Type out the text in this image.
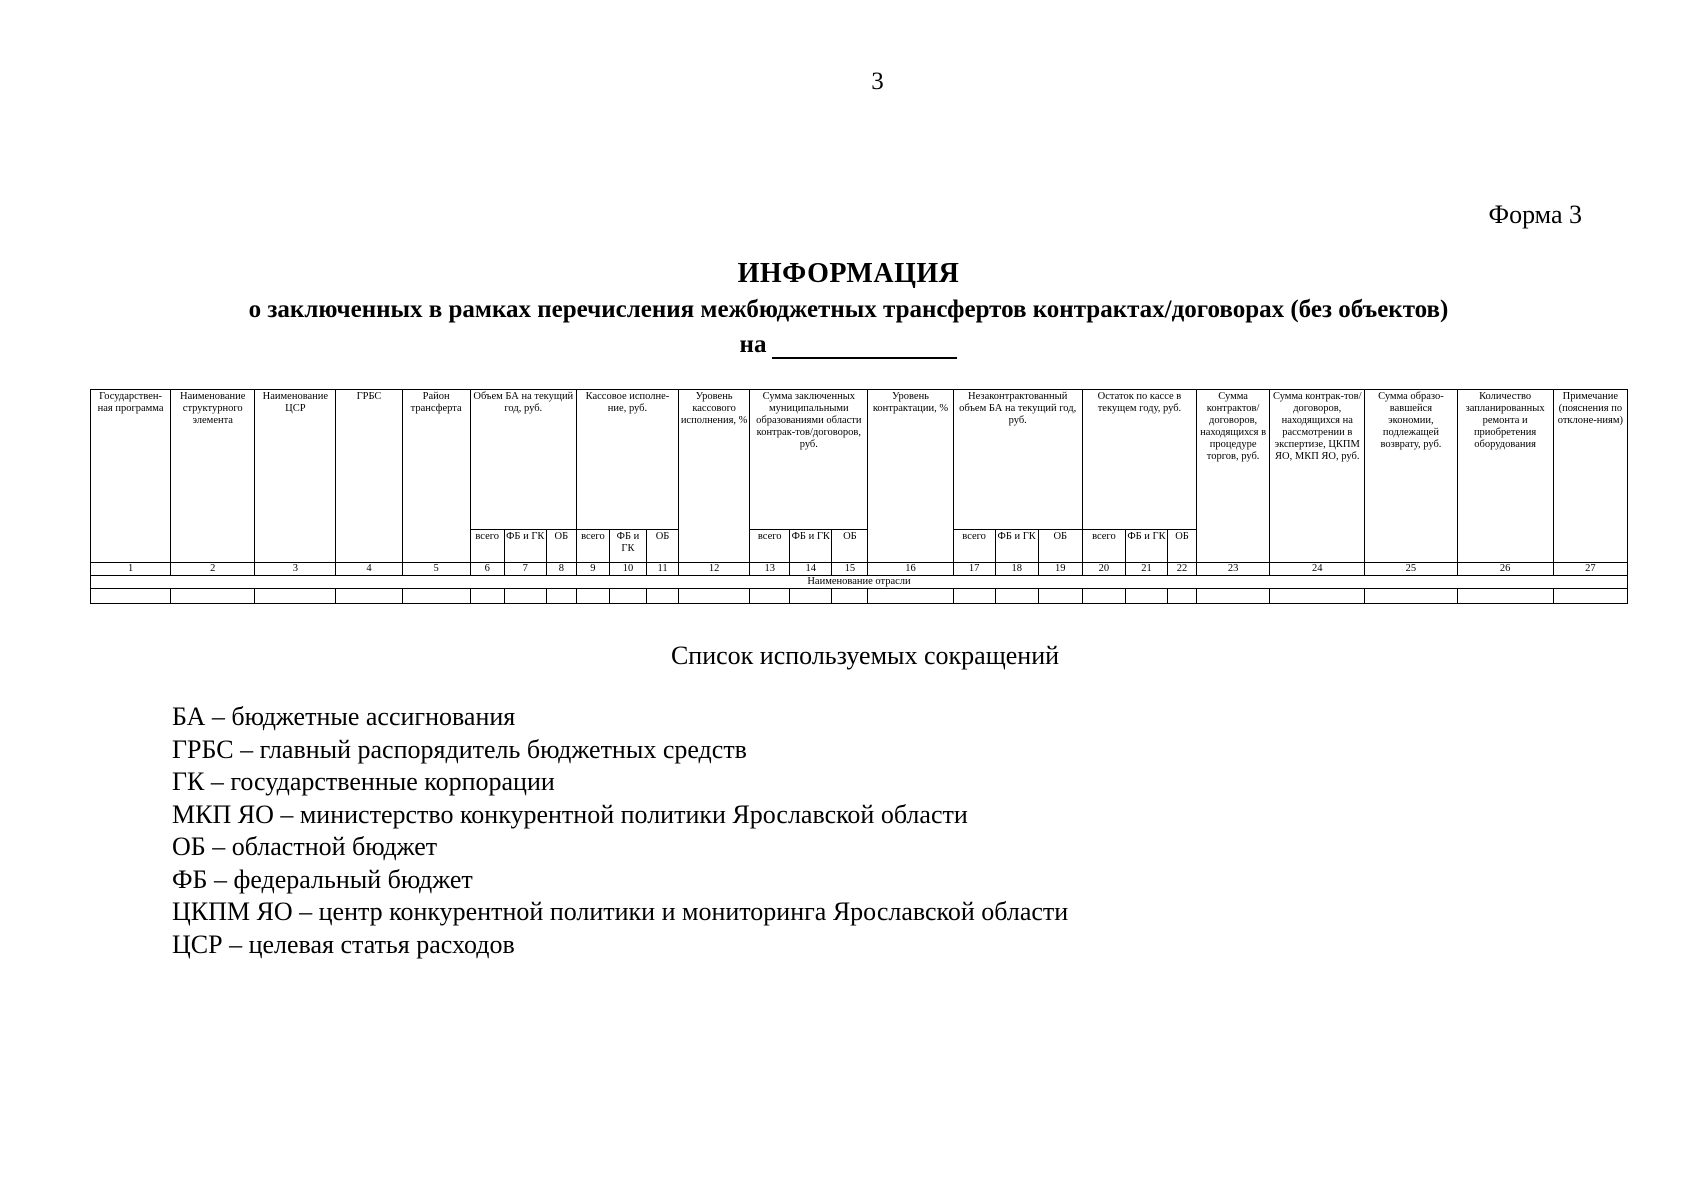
3
Форма 3
ИНФОРМАЦИЯ
о заключенных в рамках перечисления межбюджетных трансфертов контрактах/договорах (без объектов)
на
Государствен-ная программа	Наименование структурного элемента	Наименование ЦСР	ГРБС	Район трансферта	Объем БА на текущий год, руб.			Кассовое исполне-ние, руб.			Уровень кассового исполнения, %	Сумма заключенных муниципальными образованиями области контрак-тов/договоров, руб.			Уровень контрактации, %	Незаконтрактованный объем БА на текущий год, руб.			Остаток по кассе в текущем году, руб.			Сумма контрактов/ договоров, находящихся в процедуре торгов, руб.	Сумма контрак-тов/ договоров, находящихся на рассмотрении в экспертизе, ЦКПМ ЯО, МКП ЯО, руб.	Сумма образо-вавшейся экономии, подлежащей возврату, руб.	Количество запланированных ремонта и приобретения оборудования	Примечание (пояснения по отклоне-ниям)
					всего	ФБ и ГК	ОБ	всего	ФБ и ГК	ОБ		всего	ФБ и ГК	ОБ		всего	ФБ и ГК	ОБ	всего	ФБ и ГК	ОБ					
1	2	3	4	5	6	7	8	9	10	11	12	13	14	15	16	17	18	19	20	21	22	23	24	25	26	27
Наименование отрасли																										

Список используемых сокращений
БА – бюджетные ассигнования
ГРБС – главный распорядитель бюджетных средств
ГК – государственные корпорации
МКП ЯО – министерство конкурентной политики Ярославской области
ОБ – областной бюджет
ФБ – федеральный бюджет
ЦКПМ ЯО – центр конкурентной политики и мониторинга Ярославской области
ЦСР – целевая статья расходов
